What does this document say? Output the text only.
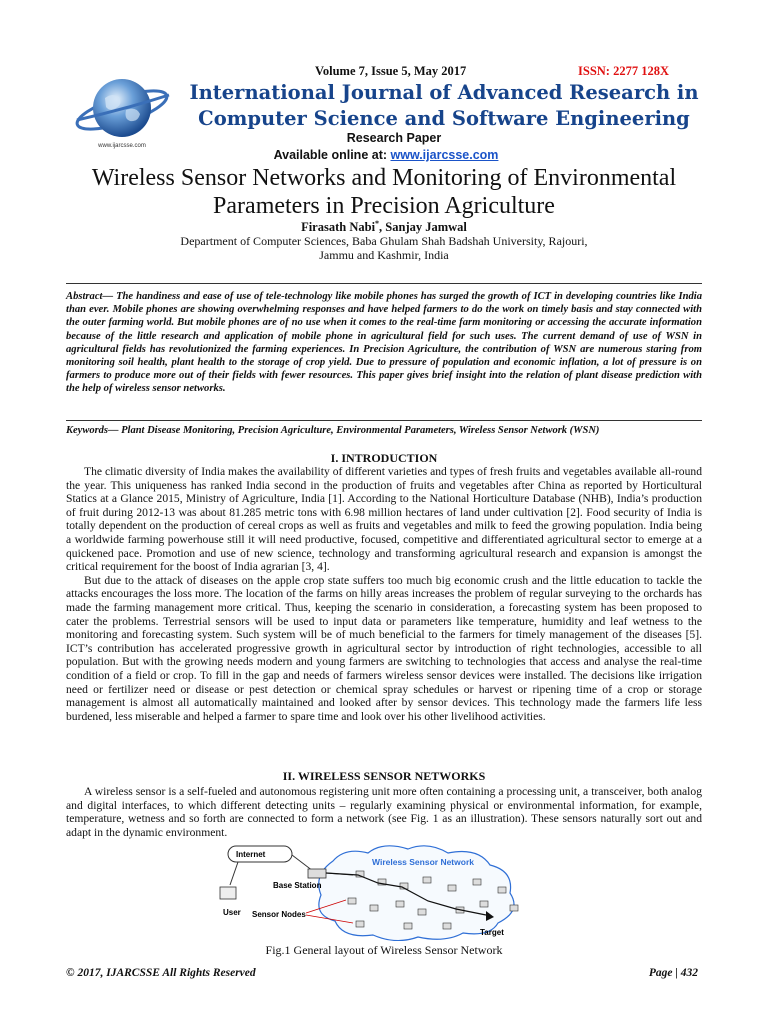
www.ijarcsse.com
Volume 7, Issue 5, May 2017	ISSN: 2277 128X
International Journal of Advanced Research in
Computer Science and Software Engineering
Research Paper
Available online at: www.ijarcsse.com
Wireless Sensor Networks and Monitoring of Environmental
Parameters in Precision Agriculture
Firasath Nabi*, Sanjay Jamwal
Department of Computer Sciences, Baba Ghulam Shah Badshah University, Rajouri,
Jammu and Kashmir, India

Abstract— The handiness and ease of use of tele-technology like mobile phones has surged the growth of ICT in developing countries like India than ever. Mobile phones are showing overwhelming responses and have helped farmers to do the work on timely basis and stay connected with the outer farming world. But mobile phones are of no use when it comes to the real-time farm monitoring or accessing the accurate information because of the little research and application of mobile phone in agricultural field for such uses. The current demand of use of WSN in agricultural fields has revolutionized the farming experiences. In Precision Agriculture, the contribution of WSN are numerous staring from monitoring soil health, plant health to the storage of crop yield. Due to pressure of population and economic inflation, a lot of pressure is on farmers to produce more out of their fields with fewer resources. This paper gives brief insight into the relation of plant disease prediction with the help of wireless sensor networks.

Keywords— Plant Disease Monitoring, Precision Agriculture, Environmental Parameters, Wireless Sensor Network (WSN)

I. INTRODUCTION

The climatic diversity of India makes the availability of different varieties and types of fresh fruits and vegetables available all-round the year. This uniqueness has ranked India second in the production of fruits and vegetables after China as reported by Horticultural Statics at a Glance 2015, Ministry of Agriculture, India [1]. According to the National Horticulture Database (NHB), India’s production of fruit during 2012-13 was about 81.285 metric tons with 6.98 million hectares of land under cultivation [2]. Food security of India is totally dependent on the production of cereal crops as well as fruits and vegetables and milk to feed the growing population. India being a worldwide farming powerhouse still it will need productive, focused, competitive and differentiated agricultural sector to emerge at a quickened pace. Promotion and use of new science, technology and transforming agricultural research and expansion is amongst the critical requirement for the boost of India agrarian [3, 4].

But due to the attack of diseases on the apple crop state suffers too much big economic crush and the little education to tackle the attacks encourages the loss more. The location of the farms on hilly areas increases the problem of regular surveying to the orchards has made the farming management more critical. Thus, keeping the scenario in consideration, a forecasting system has been proposed to cater the problems. Terrestrial sensors will be used to input data or parameters like temperature, humidity and leaf wetness to the monitoring and forecasting system. Such system will be of much beneficial to the farmers for timely management of the diseases [5]. ICT’s contribution has accelerated progressive growth in agricultural sector by introduction of right technologies, accessible to all population. But with the growing needs modern and young farmers are switching to technologies that access and analyse the real-time condition of a field or crop. To fill in the gap and needs of farmers wireless sensor devices were installed. The decisions like irrigation need or fertilizer need or disease or pest detection or chemical spray schedules or harvest or ripening time of a crop or storage management is almost all automatically maintained and looked after by sensor devices. This technology made the farmers life less burdened, less miserable and helped a farmer to spare time and look over his other livelihood activities.

II. WIRELESS SENSOR NETWORKS

A wireless sensor is a self-fueled and autonomous registering unit more often containing a processing unit, a transceiver, both analog and digital interfaces, to which different detecting units – regularly examining physical or environmental information, for example, temperature, wetness and so forth are connected to form a network (see Fig. 1 as an illustration). These sensors naturally sort out and adapt in the dynamic environment.

Wireless Sensor Network
Internet
Base Station
User Sensor Nodes
Target
Fig.1 General layout of Wireless Sensor Network
© 2017, IJARCSSE All Rights Reserved	Page | 432
